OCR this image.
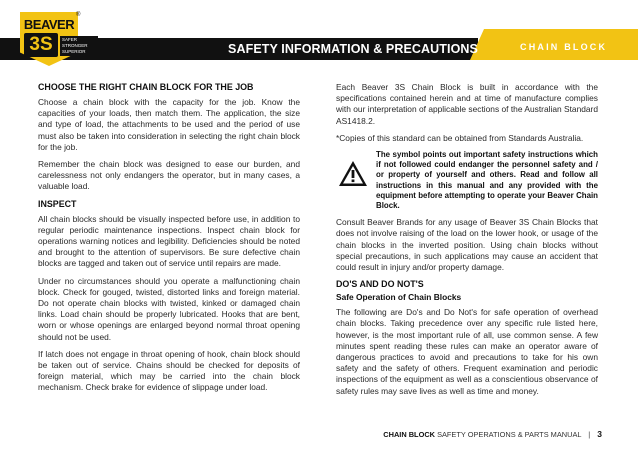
SAFETY INFORMATION & PRECAUTIONS	CHAIN BLOCK
BEAVER
®
3S	SAFER
STRONGER
SUPERIOR
CHOOSE THE RIGHT CHAIN BLOCK FOR THE JOB

Choose a chain block with the capacity for the job. Know the capacities of your loads, then match them. The application, the size and type of load, the attachments to be used and the period of use must also be taken into consideration in selecting the right chain block for the job.

Remember the chain block was designed to ease our burden, and carelessness not only endangers the operator, but in many cases, a valuable load.

INSPECT

All chain blocks should be visually inspected before use, in addition to regular periodic maintenance inspections. Inspect chain block for operations warning notices and legibility. Deficiencies should be noted and brought to the attention of supervisors. Be sure defective chain blocks are tagged and taken out of service until repairs are made.

Under no circumstances should you operate a malfunctioning chain block. Check for gouged, twisted, distorted links and foreign material. Do not operate chain blocks with twisted, kinked or damaged chain links. Load chain should be properly lubricated. Hooks that are bent, worn or whose openings are enlarged beyond normal throat opening should not be used.

If latch does not engage in throat opening of hook, chain block should be taken out of service. Chains should be checked for deposits of foreign material, which may be carried into the chain block mechanism. Check brake for evidence of slippage under load.

Each Beaver 3S Chain Block is built in accordance with the specifications contained herein and at time of manufacture complies with our interpretation of applicable sections of the Australian Standard AS1418.2.

*Copies of this standard can be obtained from Standards Australia.

The symbol points out important safety instructions which if not followed could endanger the personnel safety and / or property of yourself and others. Read and follow all instructions in this manual and any provided with the equipment before attempting to operate your Beaver Chain Block.

Consult Beaver Brands for any usage of Beaver 3S Chain Blocks that does not involve raising of the load on the lower hook, or usage of the chain blocks in the inverted position. Using chain blocks without special precautions, in such applications may cause an accident that could result in injury and/or property damage.

DO'S AND DO NOT'S
Safe Operation of Chain Blocks

The following are Do's and Do Not's for safe operation of overhead chain blocks. Taking precedence over any specific rule listed here, however, is the most important rule of all, use common sense. A few minutes spent reading these rules can make an operator aware of dangerous practices to avoid and precautions to take for his own safety and the safety of others. Frequent examination and periodic inspections of the equipment as well as a conscientious observance of safety rules may save lives as well as time and money.

CHAIN BLOCK SAFETY OPERATIONS & PARTS MANUAL | 3
